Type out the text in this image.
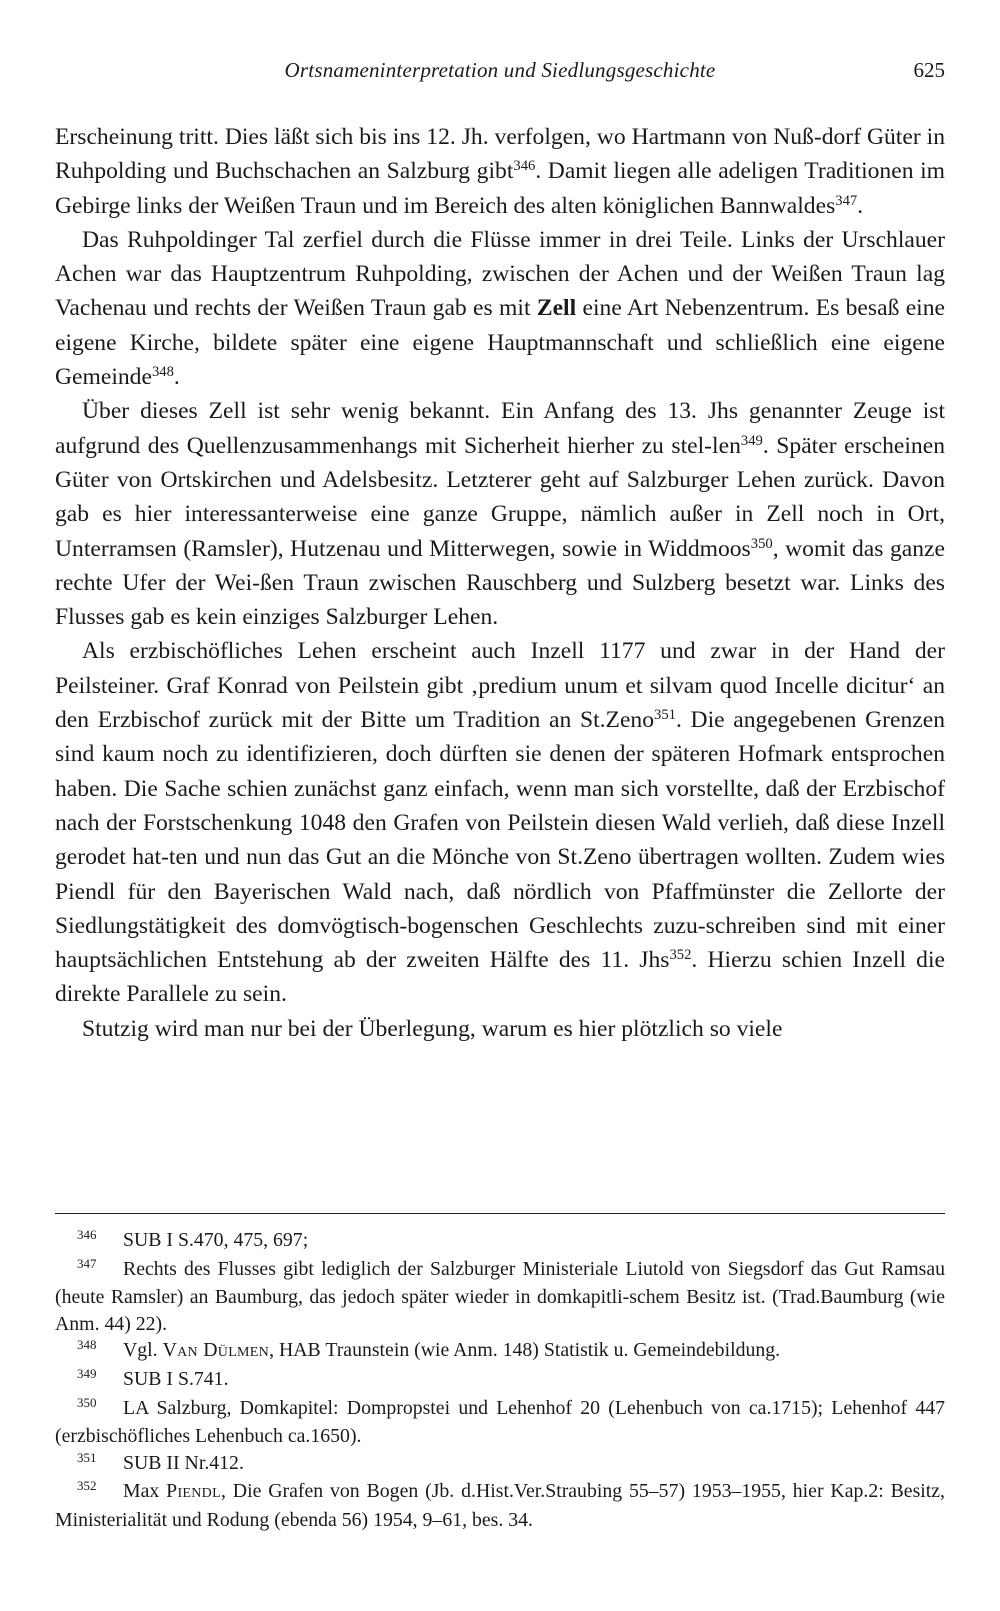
Ortsnameninterpretation und Siedlungsgeschichte	625

Erscheinung tritt. Dies läßt sich bis ins 12. Jh. verfolgen, wo Hartmann von Nuß-dorf Güter in Ruhpolding und Buchschachen an Salzburg gibt$^{346}$. Damit liegen alle adeligen Traditionen im Gebirge links der Weißen Traun und im Bereich des alten königlichen Bannwaldes$^{347}$.

Das Ruhpoldinger Tal zerfiel durch die Flüsse immer in drei Teile. Links der Urschlauer Achen war das Hauptzentrum Ruhpolding, zwischen der Achen und der Weißen Traun lag Vachenau und rechts der Weißen Traun gab es mit Zell eine Art Nebenzentrum. Es besaß eine eigene Kirche, bildete später eine eigene Hauptmannschaft und schließlich eine eigene Gemeinde$^{348}$.

Über dieses Zell ist sehr wenig bekannt. Ein Anfang des 13. Jhs genannter Zeuge ist aufgrund des Quellenzusammenhangs mit Sicherheit hierher zu stel-len$^{349}$. Später erscheinen Güter von Ortskirchen und Adelsbesitz. Letzterer geht auf Salzburger Lehen zurück. Davon gab es hier interessanterweise eine ganze Gruppe, nämlich außer in Zell noch in Ort, Unterramsen (Ramsler), Hutzenau und Mitterwegen, sowie in Widdmoos$^{350}$, womit das ganze rechte Ufer der Wei-ßen Traun zwischen Rauschberg und Sulzberg besetzt war. Links des Flusses gab es kein einziges Salzburger Lehen.

Als erzbischöfliches Lehen erscheint auch Inzell 1177 und zwar in der Hand der Peilsteiner. Graf Konrad von Peilstein gibt ‚predium unum et silvam quod Incelle dicitur‘ an den Erzbischof zurück mit der Bitte um Tradition an St.Zeno$^{351}$. Die angegebenen Grenzen sind kaum noch zu identifizieren, doch dürften sie denen der späteren Hofmark entsprochen haben. Die Sache schien zunächst ganz einfach, wenn man sich vorstellte, daß der Erzbischof nach der Forstschenkung 1048 den Grafen von Peilstein diesen Wald verlieh, daß diese Inzell gerodet hat-ten und nun das Gut an die Mönche von St.Zeno übertragen wollten. Zudem wies Piendl für den Bayerischen Wald nach, daß nördlich von Pfaffmünster die Zellorte der Siedlungstätigkeit des domvögtisch-bogenschen Geschlechts zuzu-schreiben sind mit einer hauptsächlichen Entstehung ab der zweiten Hälfte des 11. Jhs$^{352}$. Hierzu schien Inzell die direkte Parallele zu sein.

Stutzig wird man nur bei der Überlegung, warum es hier plötzlich so viele

346 SUB I S.470, 475, 697;

347 Rechts des Flusses gibt lediglich der Salzburger Ministeriale Liutold von Siegsdorf das Gut Ramsau (heute Ramsler) an Baumburg, das jedoch später wieder in domkapitli-schem Besitz ist. (Trad.Baumburg (wie Anm. 44) 22).

348 Vgl. Van Dülmen, HAB Traunstein (wie Anm. 148) Statistik u. Gemeindebildung.

349 SUB I S.741.

350 LA Salzburg, Domkapitel: Dompropstei und Lehenhof 20 (Lehenbuch von ca.1715); Lehenhof 447 (erzbischöfliches Lehenbuch ca.1650).

351 SUB II Nr.412.

352 Max Piendl, Die Grafen von Bogen (Jb. d.Hist.Ver.Straubing 55–57) 1953–1955, hier Kap.2: Besitz, Ministerialität und Rodung (ebenda 56) 1954, 9–61, bes. 34.
